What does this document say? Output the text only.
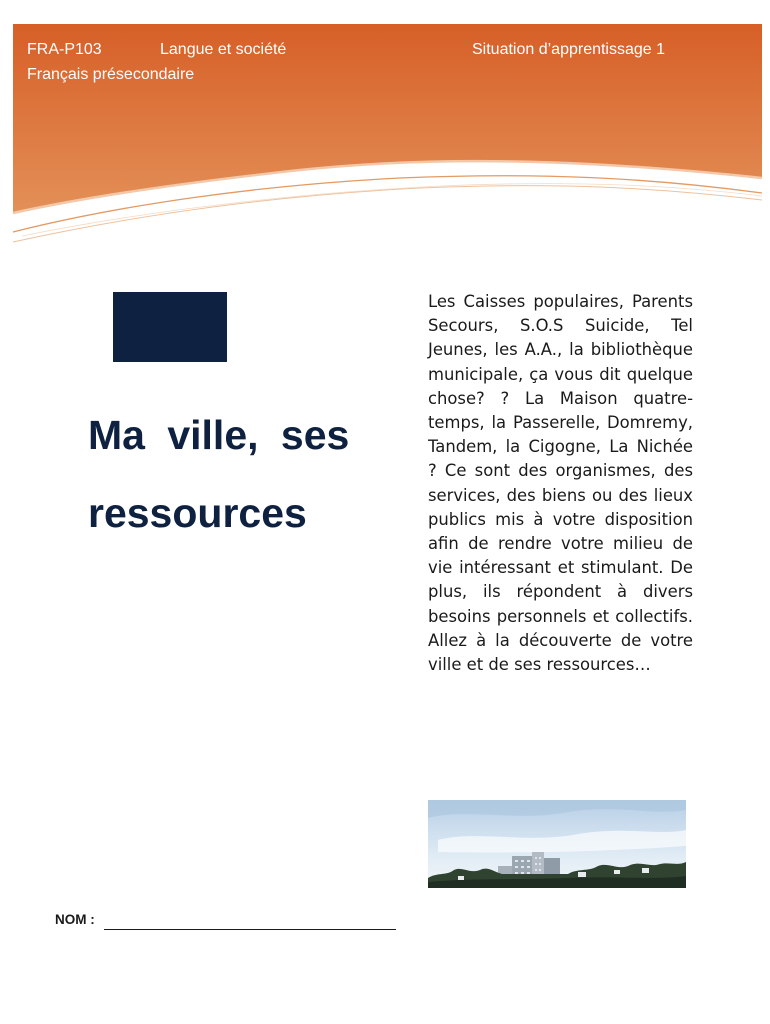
FRA-P103	Langue et société	Situation d’apprentissage 1
Français présecondaire
Ma ville, ses
ressources

Les Caisses populaires, Parents Secours, S.O.S Suicide, Tel Jeunes, les A.A., la bibliothèque municipale, ça vous dit quelque chose? ? La Maison quatre-temps, la Passerelle, Domremy, Tandem, la Cigogne, La Nichée ? Ce sont des organismes, des services, des biens ou des lieux publics mis à votre disposition afin de rendre votre milieu de vie intéressant et stimulant. De plus, ils répondent à divers besoins personnels et collectifs. Allez à la découverte de votre ville et de ses ressources…

NOM :
